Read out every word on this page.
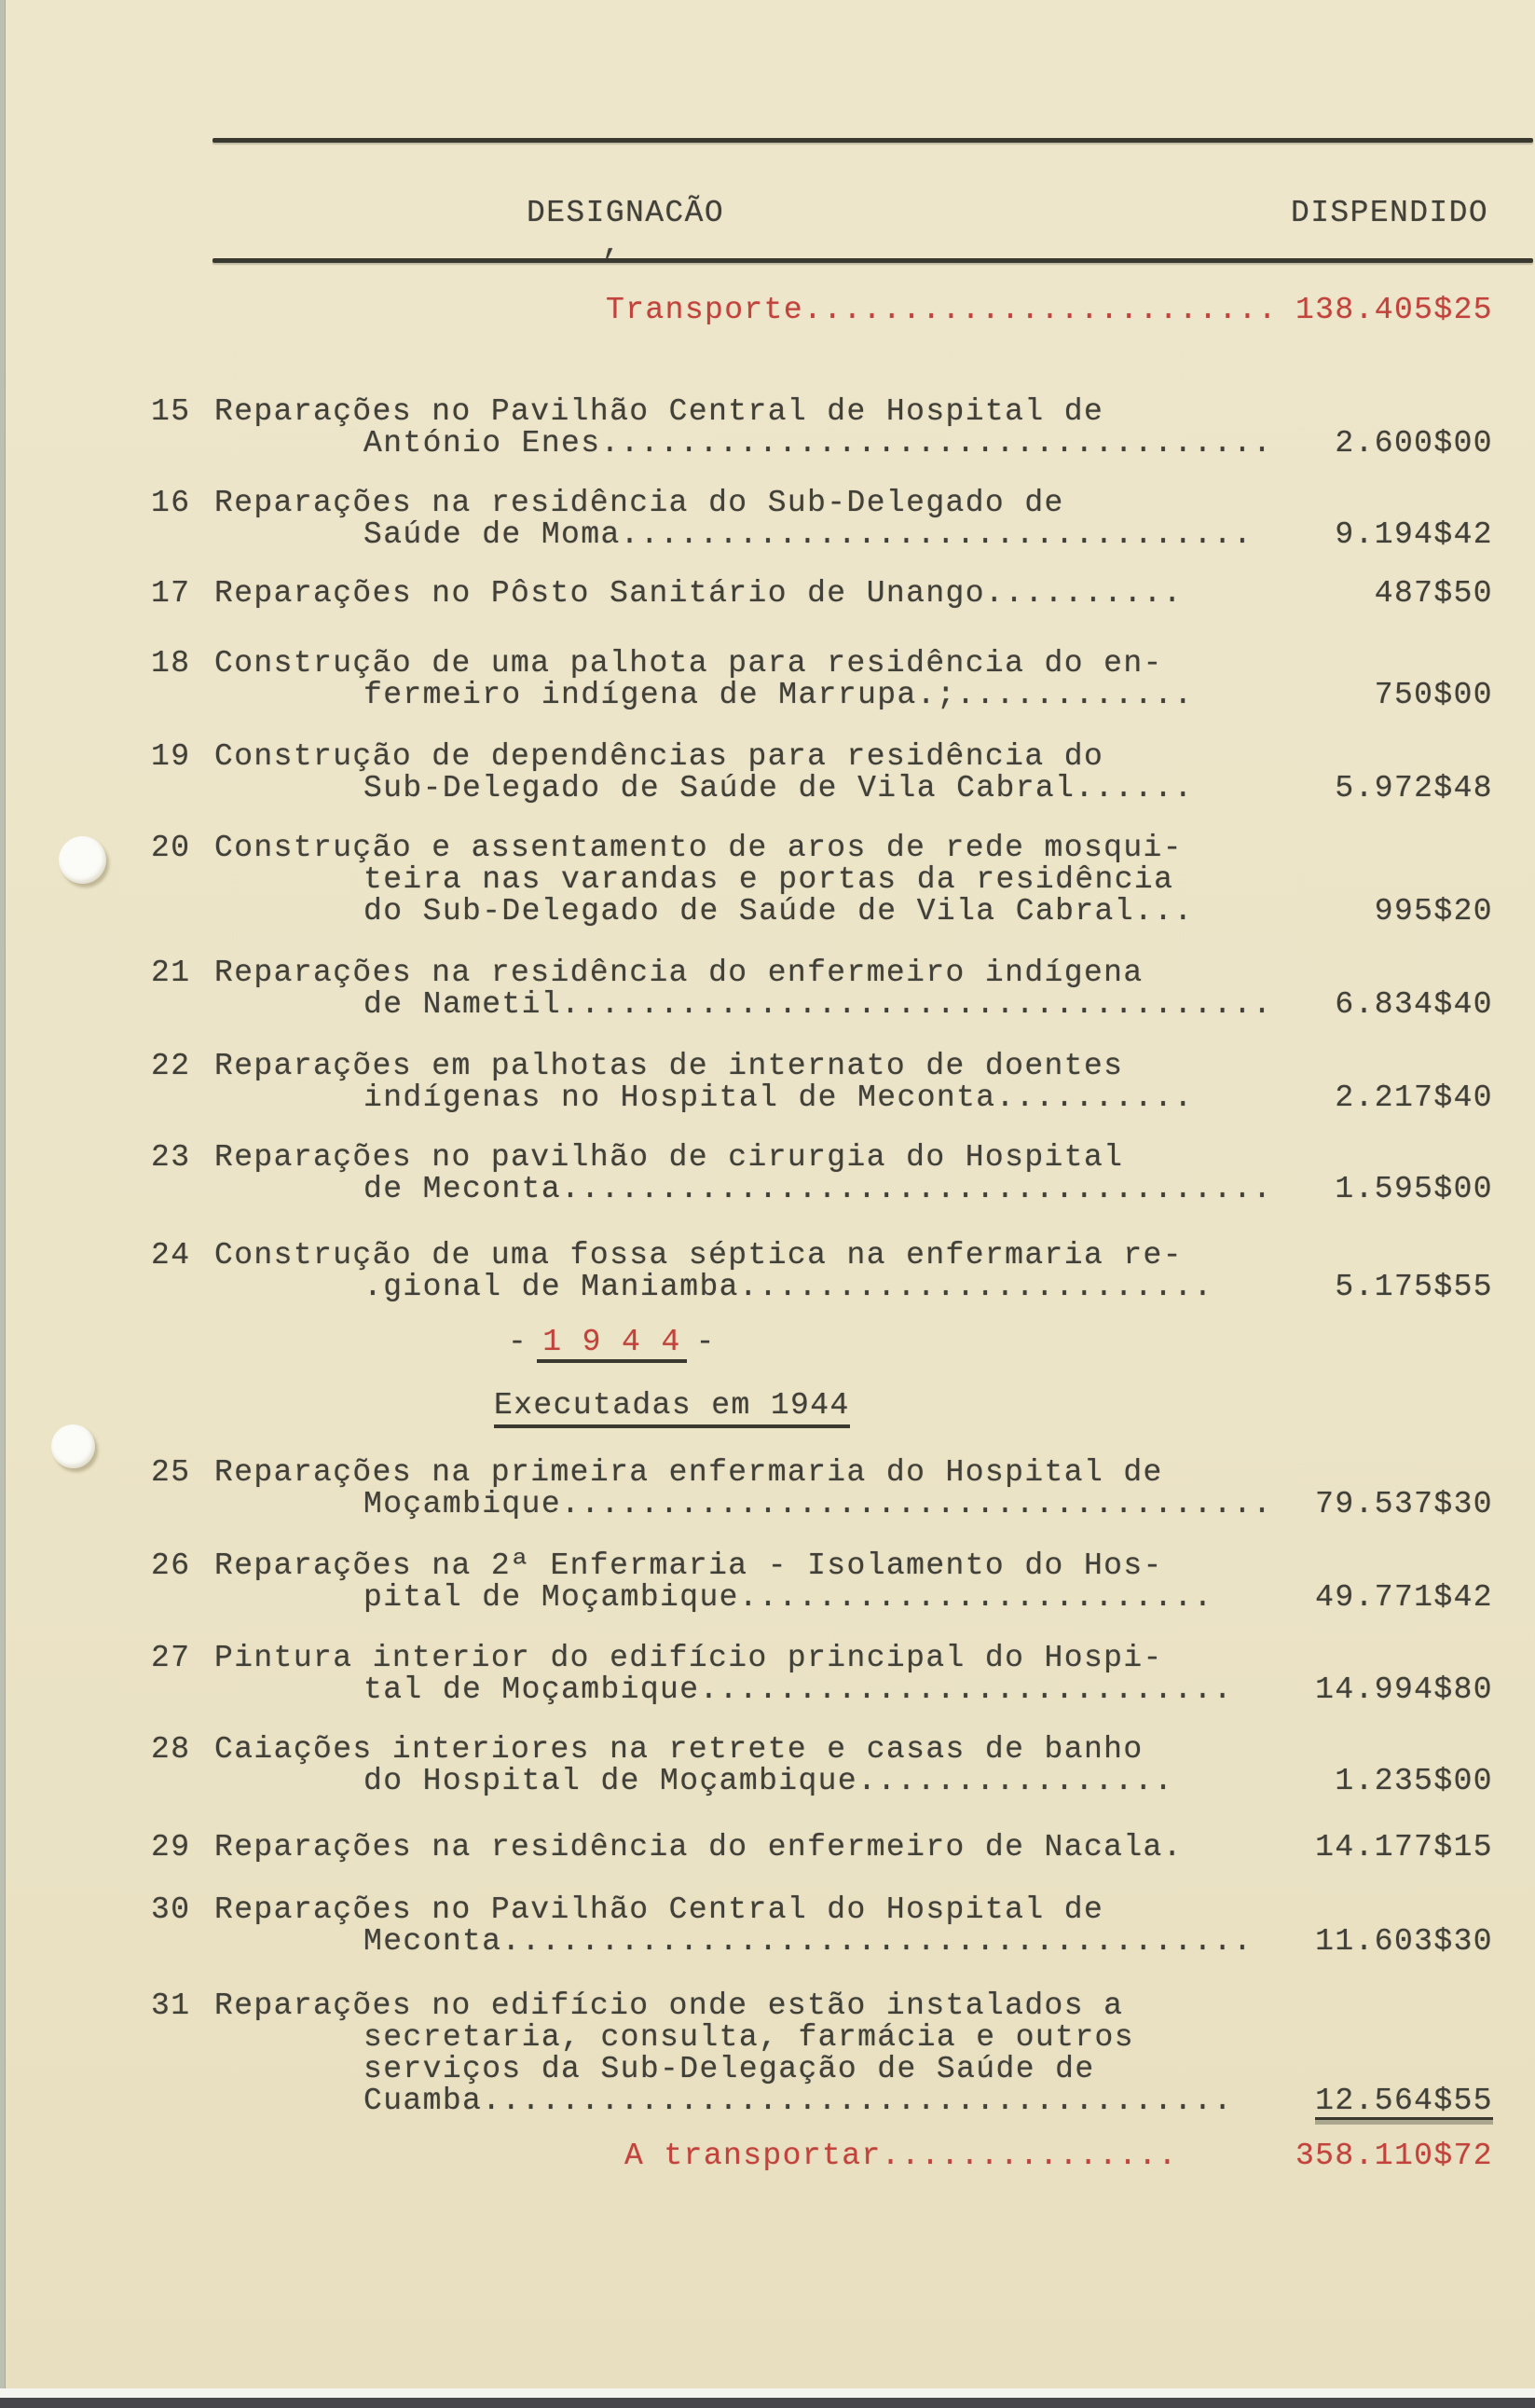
DESIGNACÃO
,
DISPENDIDO
Transporte........................ 138.405$25
15 Reparações no Pavilhão Central de Hospital de
António Enes.................................. 2.600$00
16 Reparações na residência do Sub-Delegado de
Saúde de Moma................................	9.194$42
17 Reparações no Pôsto Sanitário de Unango..........	487$50
18 Construção de uma palhota para residência do en-
fermeiro indígena de Marrupa.;............	750$00
19 Construção de dependências para residência do
Sub-Delegado de Saúde de Vila Cabral......	5.972$48
20 Construção e assentamento de aros de rede mosqui-
teira nas varandas e portas da residência
do Sub-Delegado de Saúde de Vila Cabral...	995$20
21 Reparações na residência do enfermeiro indígena
de Nametil.................................... 6.834$40
22 Reparações em palhotas de internato de doentes
indígenas no Hospital de Meconta..........	2.217$40
23 Reparações no pavilhão de cirurgia do Hospital
de Meconta.................................... 1.595$00
24 Construção de uma fossa séptica na enfermaria re-
.gional de Maniamba........................	5.175$55
25 Reparações na primeira enfermaria do Hospital de
Moçambique.................................... 79.537$30
26 Reparações na 2ª Enfermaria - Isolamento do Hos-
pital de Moçambique........................	49.771$42
27 Pintura interior do edifício principal do Hospi-
tal de Moçambique...........................	14.994$80
28 Caiações interiores na retrete e casas de banho
do Hospital de Moçambique................	1.235$00
29 Reparações na residência do enfermeiro de Nacala.	14.177$15
30 Reparações no Pavilhão Central do Hospital de
Meconta...................................... 11.603$30
31 Reparações no edifício onde estão instalados a
secretaria, consulta, farmácia e outros
serviços da Sub-Delegação de Saúde de
Cuamba......................................	12.564$55
- 1 9 4 4 -
Executadas em 1944
A transportar...............	358.110$72
